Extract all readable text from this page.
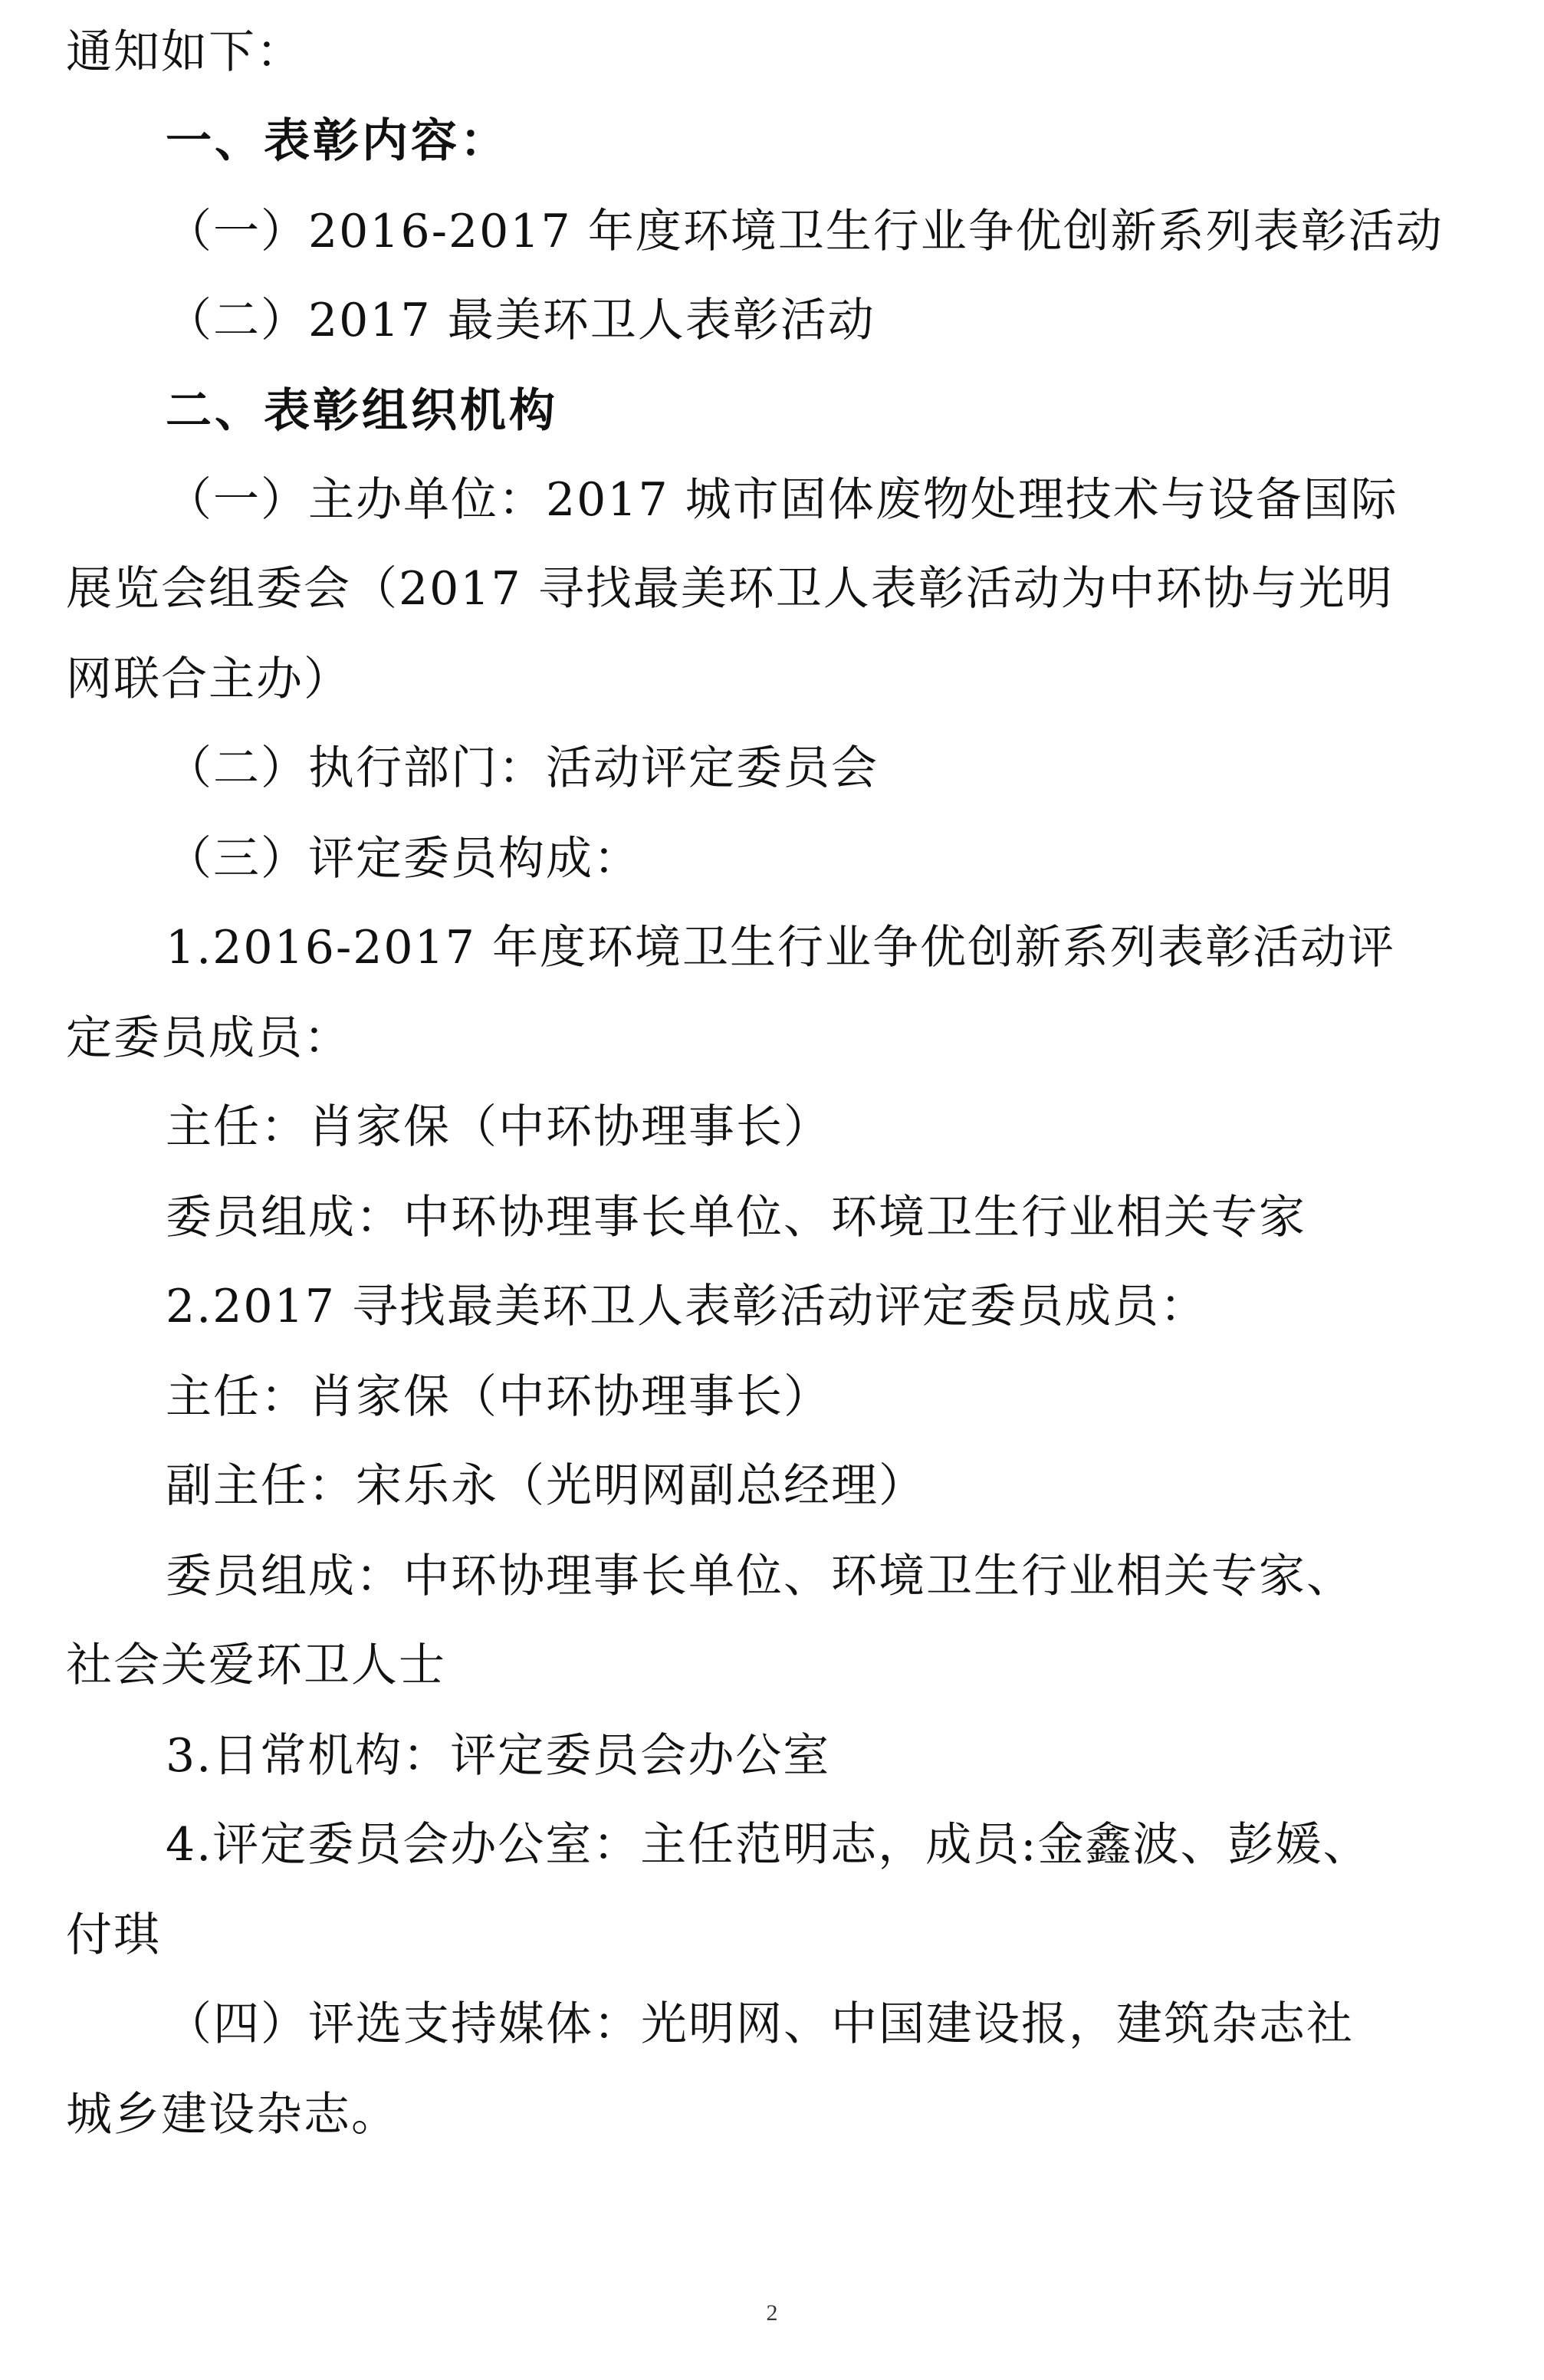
通知如下：
一、表彰内容：
（一）2016-2017 年度环境卫生行业争优创新系列表彰活动
（二）2017 最美环卫人表彰活动
二、表彰组织机构
（一）主办单位：2017 城市固体废物处理技术与设备国际
展览会组委会（2017 寻找最美环卫人表彰活动为中环协与光明
网联合主办）
（二）执行部门：活动评定委员会
（三）评定委员构成：
1.2016-2017 年度环境卫生行业争优创新系列表彰活动评
定委员成员：
主任：肖家保（中环协理事长）
委员组成：中环协理事长单位、环境卫生行业相关专家
2.2017 寻找最美环卫人表彰活动评定委员成员：
主任：肖家保（中环协理事长）
副主任：宋乐永（光明网副总经理）
委员组成：中环协理事长单位、环境卫生行业相关专家、
社会关爱环卫人士
3.日常机构：评定委员会办公室
4.评定委员会办公室：主任范明志，成员:金鑫波、彭媛、
付琪
（四）评选支持媒体：光明网、中国建设报，建筑杂志社
城乡建设杂志。
2
